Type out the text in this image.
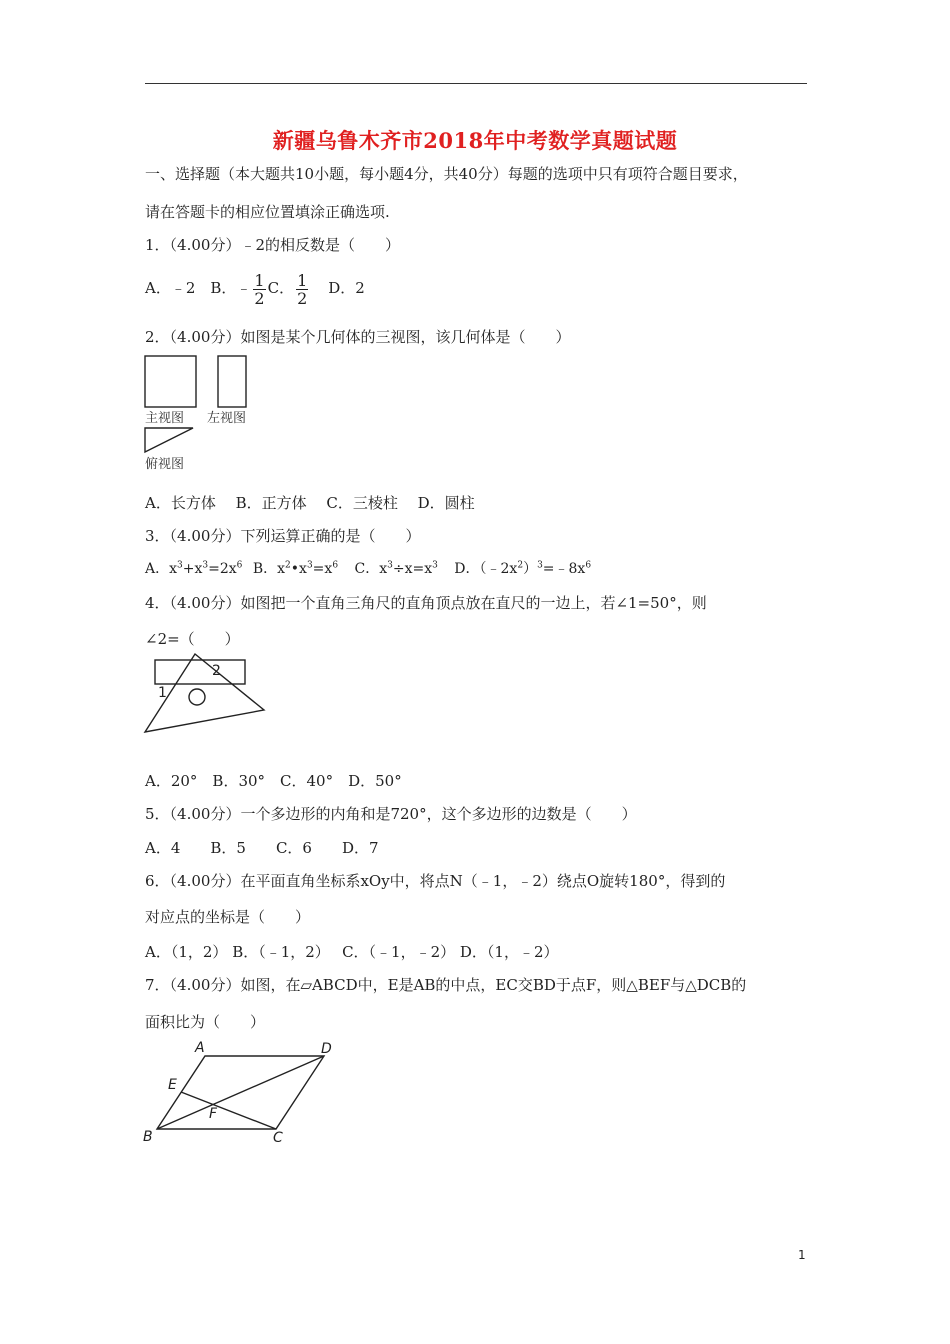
新疆乌鲁木齐市2018年中考数学真题试题
一、选择题（本大题共10小题，每小题4分，共40分）每题的选项中只有项符合题目要求，
请在答题卡的相应位置填涂正确选项.
1．（4.00分）﹣2的相反数是（　　）
A．﹣2　B．﹣ $\frac{1}{2}$ C． $\frac{1}{2}$ D．2
2．（4.00分）如图是某个几何体的三视图，该几何体是（　　）
主视图 左视图
俯视图
A．长方体　 B．正方体　 C．三棱柱　 D．圆柱
3．（4.00分）下列运算正确的是（　　）
A．$x^3+x^3=2x^6$ B．$x^2•x^3=x^6$ C．$x^3\div x=x^3$ D．$(﹣2x^2)^3=﹣8x^6$
4．（4.00分）如图把一个直角三角尺的直角顶点放在直尺的一边上，若∠1=50°，则
∠2=（　　）
1
2
A．20°　B．30°　C．40°　D．50°
5．（4.00分）一个多边形的内角和是720°，这个多边形的边数是（　　）
A．4　　B．5　　C．6　　D．7
6．（4.00分）在平面直角坐标系xOy中，将点N（﹣1，﹣2）绕点O旋转180°，得到的
对应点的坐标是（　　）
A．（1，2） B．（﹣1，2）　 C．（﹣1，﹣2） D．（1，﹣2）
7．（4.00分）如图，在▱ABCD中，E是AB的中点，EC交BD于点F，则△BEF与△DCB的
面积比为（　　）
A	D
E
F
B	C
1
